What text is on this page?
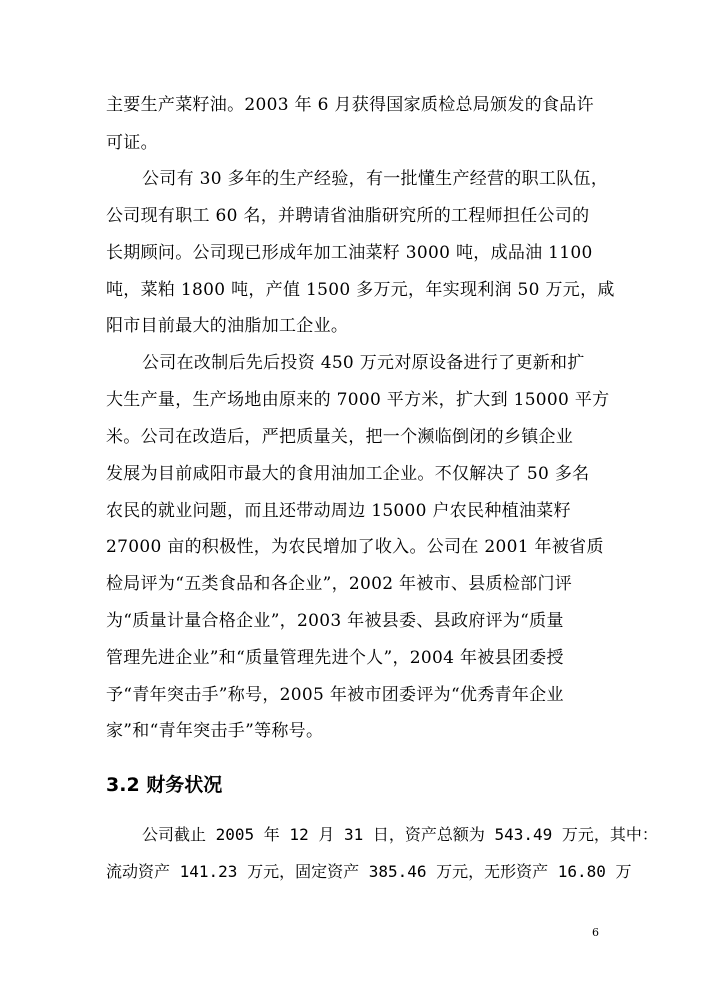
主要生产菜籽油。2003 年 6 月获得国家质检总局颁发的食品许
可证。
公司有 30 多年的生产经验，有一批懂生产经营的职工队伍，
公司现有职工 60 名，并聘请省油脂研究所的工程师担任公司的
长期顾问。公司现已形成年加工油菜籽 3000 吨，成品油 1100
吨，菜粕 1800 吨，产值 1500 多万元，年实现利润 50 万元，咸
阳市目前最大的油脂加工企业。
公司在改制后先后投资 450 万元对原设备进行了更新和扩
大生产量，生产场地由原来的 7000 平方米，扩大到 15000 平方
米。公司在改造后，严把质量关，把一个濒临倒闭的乡镇企业
发展为目前咸阳市最大的食用油加工企业。不仅解决了 50 多名
农民的就业问题，而且还带动周边 15000 户农民种植油菜籽
27000 亩的积极性，为农民增加了收入。公司在 2001 年被省质
检局评为“五类食品和各企业”，2002 年被市、县质检部门评
为“质量计量合格企业”，2003 年被县委、县政府评为“质量
管理先进企业”和“质量管理先进个人”，2004 年被县团委授
予“青年突击手”称号，2005 年被市团委评为“优秀青年企业
家”和“青年突击手”等称号。
3.2 财务状况
公司截止 2005 年 12 月 31 日，资产总额为 543.49 万元，其中：
流动资产 141.23 万元，固定资产 385.46 万元，无形资产 16.80 万
6
